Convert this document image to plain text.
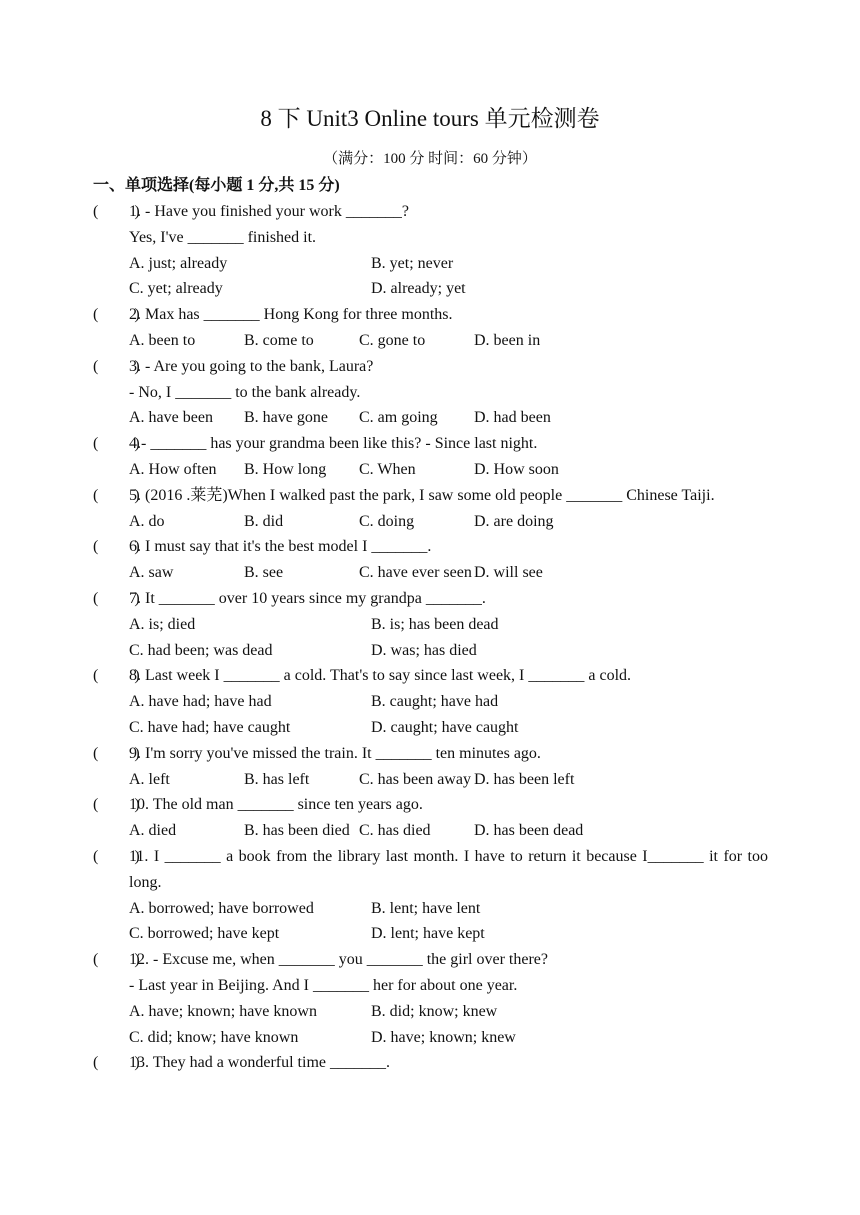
8 下 Unit3 Online tours 单元检测卷
（满分：100 分 时间：60 分钟）
一、单项选择(每小题 1 分,共 15 分)
(         )
1. - Have you finished your work _______?
Yes, I've _______ finished it.
A. just; already	B. yet; never
C. yet; already	D. already; yet
(         )
2. Max has _______ Hong Kong for three months.
A. been to	B. come to	C. gone to	D. been in
(         )
3. - Are you going to the bank, Laura?
- No, I _______ to the bank already.
A. have been	B. have gone	C. am going	D. had been
(         )
4.- _______ has your grandma been like this? - Since last night.
A. How often	B. How long	C. When	D. How soon
(         )
5. (2016 .莱芜)When I walked past the park, I saw some old people _______ Chinese Taiji.
A. do	B. did	C. doing	D. are doing
(         )
6. I must say that it's the best model I _______.
A. saw	B. see	C. have ever seen D. will see
(         )
7. It _______ over 10 years since my grandpa _______.
A. is; died	B. is; has been dead
C. had been; was dead	D. was; has died
(         )
8. Last week I _______ a cold. That's to say since last week, I _______ a cold.
A. have had; have had	B. caught; have had
C. have had; have caught	D. caught; have caught
(         )
9. I'm sorry you've missed the train. It _______ ten minutes ago.
A. left	B. has left	C. has been away D. has been left
(         )
10. The old man _______ since ten years ago.
A. died	B. has been died C. has died	D. has been dead
(         )
11. I _______ a book from the library last month. I have to return it because I_______ it for too long.
A. borrowed; have borrowed	B. lent; have lent
C. borrowed; have kept	D. lent; have kept
(         )
12. - Excuse me, when _______ you _______ the girl over there?
- Last year in Beijing. And I _______ her for about one year.
A. have; known; have known	B. did; know; knew
C. did; know; have known	D. have; known; knew
(         )
13. They had a wonderful time _______.
